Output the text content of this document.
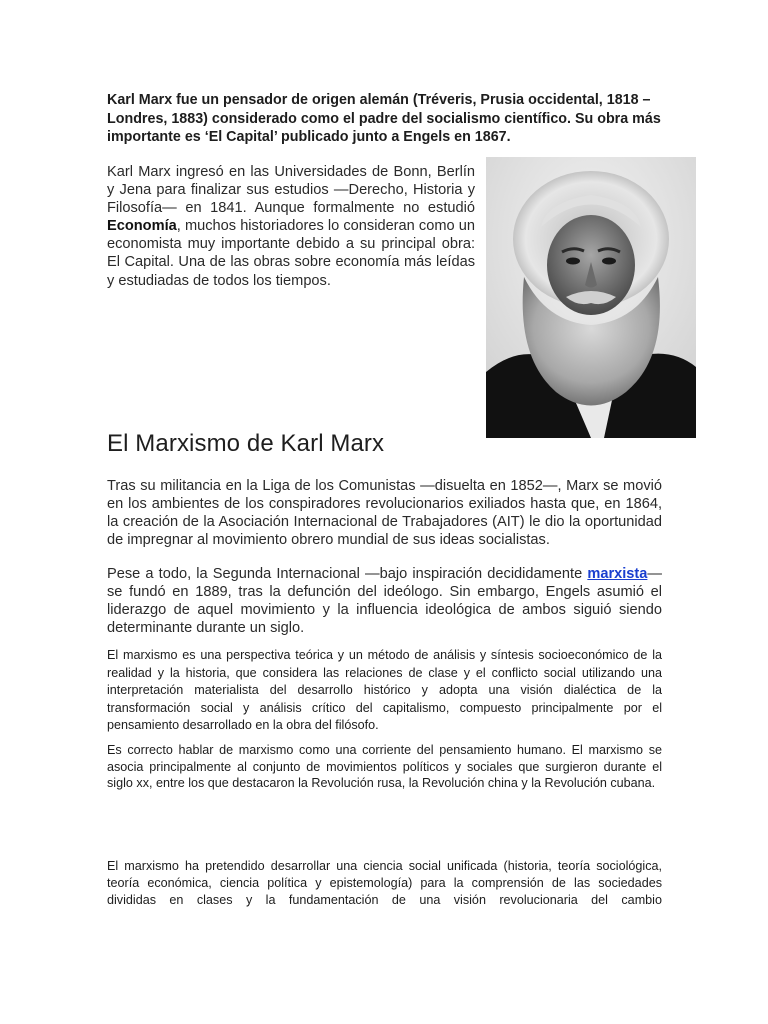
Karl Marx fue un pensador de origen alemán (Tréveris, Prusia occidental, 1818 – Londres, 1883) considerado como el padre del socialismo científico. Su obra más importante es ‘El Capital’ publicado junto a Engels en 1867.

Karl Marx ingresó en las Universidades de Bonn, Berlín y Jena para finalizar sus estudios —Derecho, Historia y Filosofía— en 1841. Aunque formalmente no estudió Economía, muchos historiadores lo consideran como un economista muy importante debido a su principal obra: El Capital. Una de las obras sobre economía más leídas y estudiadas de todos los tiempos.

El Marxismo de Karl Marx

Tras su militancia en la Liga de los Comunistas —disuelta en 1852—, Marx se movió en los ambientes de los conspiradores revolucionarios exiliados hasta que, en 1864, la creación de la Asociación Internacional de Trabajadores (AIT) le dio la oportunidad de impregnar al movimiento obrero mundial de sus ideas socialistas.

Pese a todo, la Segunda Internacional —bajo inspiración decididamente marxista— se fundó en 1889, tras la defunción del ideólogo. Sin embargo, Engels asumió el liderazgo de aquel movimiento y la influencia ideológica de ambos siguió siendo determinante durante un siglo.

El marxismo es una perspectiva teórica y un método de análisis y síntesis socioeconómico de la realidad y la historia, que considera las relaciones de clase y el conflicto social utilizando una interpretación materialista del desarrollo histórico y adopta una visión dialéctica de la transformación social y análisis crítico del capitalismo, compuesto principalmente por el pensamiento desarrollado en la obra del filósofo.

Es correcto hablar de marxismo como una corriente del pensamiento humano. El marxismo se asocia principalmente al conjunto de movimientos políticos y sociales que surgieron durante el siglo xx, entre los que destacaron la Revolución rusa, la Revolución china y la Revolución cubana.

El marxismo ha pretendido desarrollar una ciencia social unificada (historia, teoría sociológica, teoría económica, ciencia política y epistemología) para la comprensión de las sociedades divididas en clases y la fundamentación de una visión revolucionaria del cambio
